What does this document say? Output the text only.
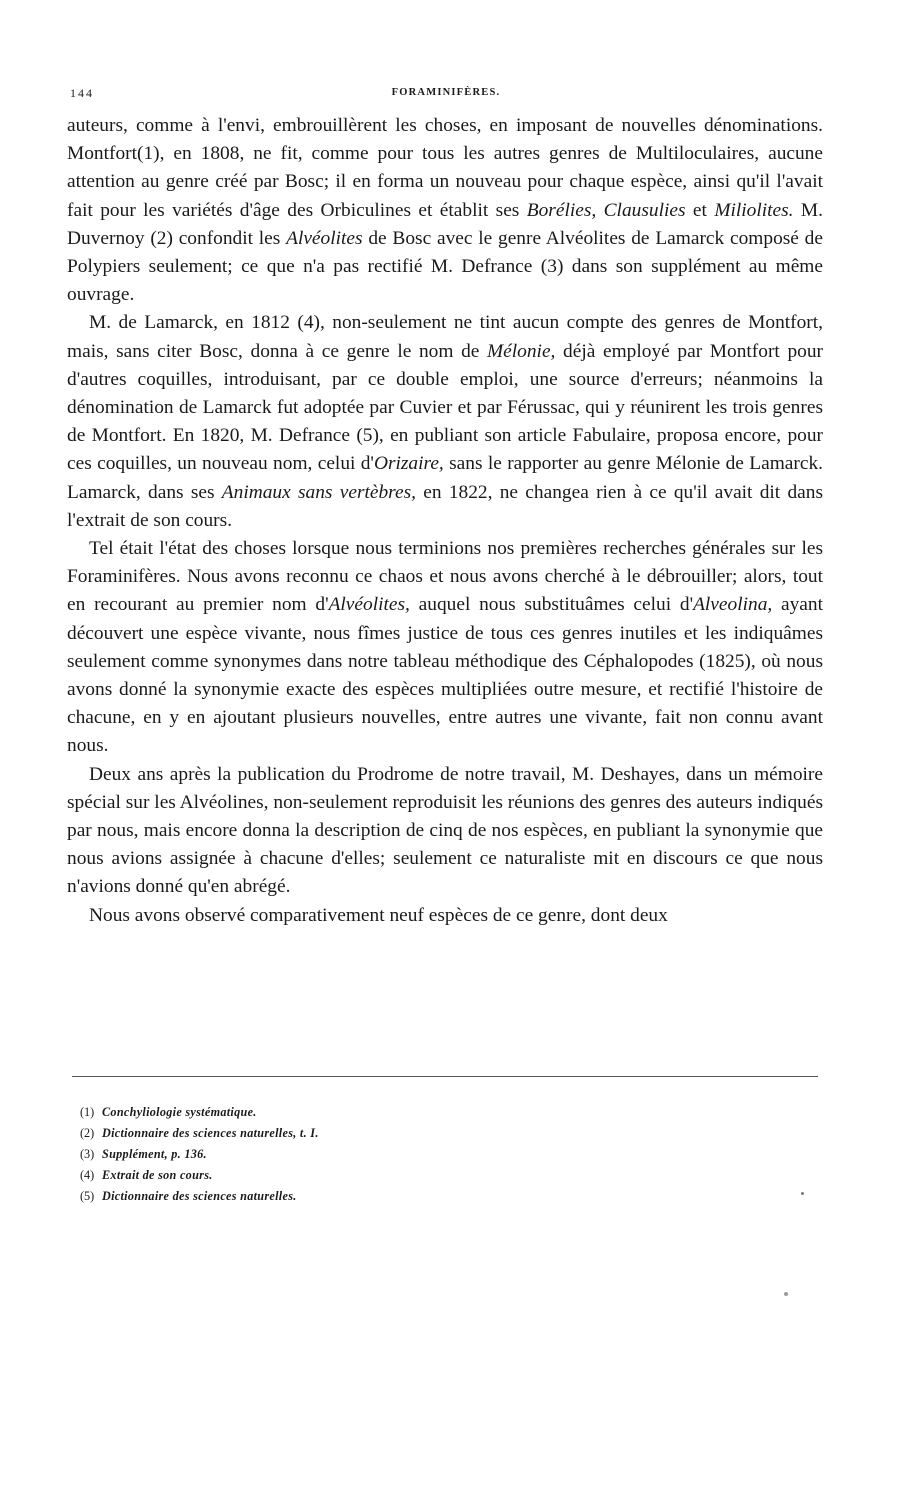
144	FORAMINIFÈRES.

auteurs, comme à l'envi, embrouillèrent les choses, en imposant de nouvelles dénominations. Montfort(1), en 1808, ne fit, comme pour tous les autres genres de Multiloculaires, aucune attention au genre créé par Bosc; il en forma un nouveau pour chaque espèce, ainsi qu'il l'avait fait pour les variétés d'âge des Orbiculines et établit ses Borélies, Clausulies et Miliolites. M. Duvernoy (2) confondit les Alvéolites de Bosc avec le genre Alvéolites de Lamarck composé de Polypiers seulement; ce que n'a pas rectifié M. Defrance (3) dans son supplément au même ouvrage.

M. de Lamarck, en 1812 (4), non-seulement ne tint aucun compte des genres de Montfort, mais, sans citer Bosc, donna à ce genre le nom de Mélonie, déjà employé par Montfort pour d'autres coquilles, introduisant, par ce double emploi, une source d'erreurs; néanmoins la dénomination de Lamarck fut adoptée par Cuvier et par Férussac, qui y réunirent les trois genres de Montfort. En 1820, M. Defrance (5), en publiant son article Fabulaire, proposa encore, pour ces coquilles, un nouveau nom, celui d'Orizaire, sans le rapporter au genre Mélonie de Lamarck. Lamarck, dans ses Animaux sans vertèbres, en 1822, ne changea rien à ce qu'il avait dit dans l'extrait de son cours.

Tel était l'état des choses lorsque nous terminions nos premières recherches générales sur les Foraminifères. Nous avons reconnu ce chaos et nous avons cherché à le débrouiller; alors, tout en recourant au premier nom d'Alvéolites, auquel nous substituâmes celui d'Alveolina, ayant découvert une espèce vivante, nous fîmes justice de tous ces genres inutiles et les indiquâmes seulement comme synonymes dans notre tableau méthodique des Céphalopodes (1825), où nous avons donné la synonymie exacte des espèces multipliées outre mesure, et rectifié l'histoire de chacune, en y en ajoutant plusieurs nouvelles, entre autres une vivante, fait non connu avant nous.

Deux ans après la publication du Prodrome de notre travail, M. Deshayes, dans un mémoire spécial sur les Alvéolines, non-seulement reproduisit les réunions des genres des auteurs indiqués par nous, mais encore donna la description de cinq de nos espèces, en publiant la synonymie que nous avions assignée à chacune d'elles; seulement ce naturaliste mit en discours ce que nous n'avions donné qu'en abrégé.

Nous avons observé comparativement neuf espèces de ce genre, dont deux

(1) Conchyliologie systématique.
(2) Dictionnaire des sciences naturelles, t. I.
(3) Supplément, p. 136.
(4) Extrait de son cours.
(5) Dictionnaire des sciences naturelles.
